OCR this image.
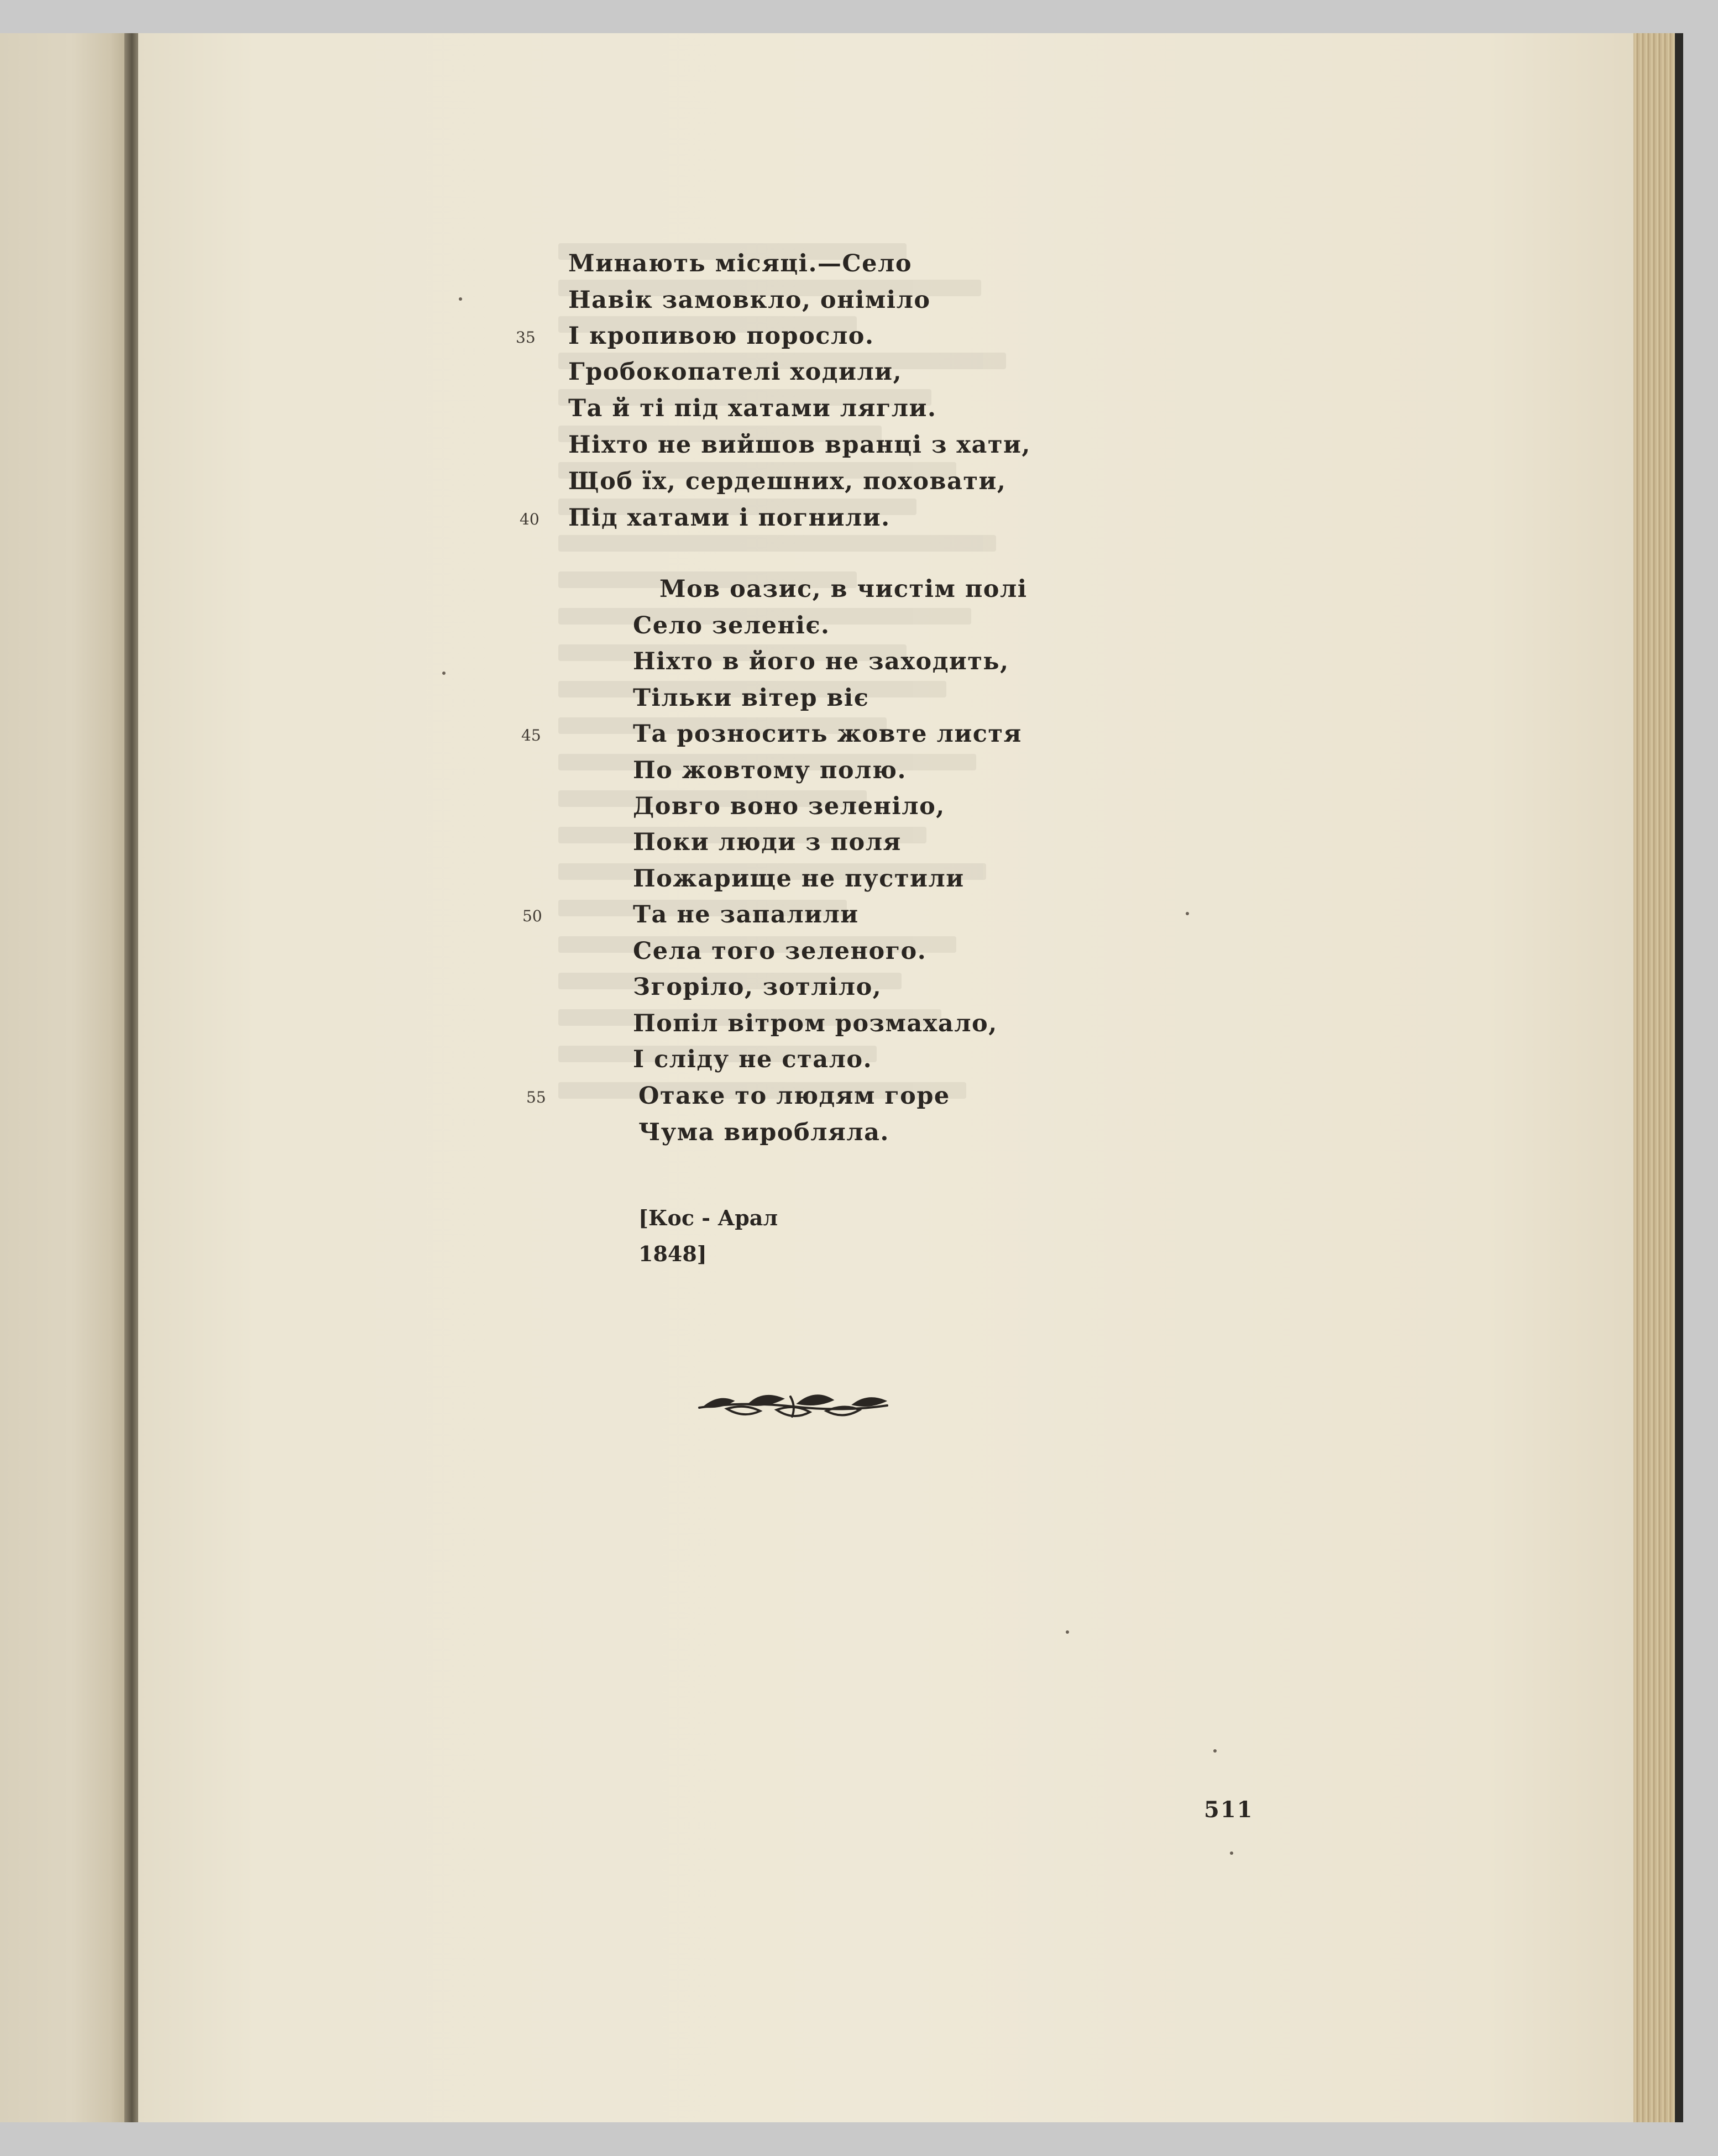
Минають місяці.—Село
Навік замовкло, оніміло
І кропивою поросло.
Гробокопателі ходили,
Та й ті під хатами лягли.
Ніхто не вийшов вранці з хати,
Щоб їх, сердешних, поховати,
Під хатами і погнили.
Мов оазис, в чистім полі
Село зеленіє.
Ніхто в його не заходить,
Тільки вітер віє
Та розносить жовте листя
По жовтому полю.
Довго воно зеленіло,
Поки люди з поля
Пожарище не пустили
Та не запалили
Села того зеленого.
Згоріло, зотліло,
Попіл вітром розмахало,
І сліду не стало.
Отаке то людям горе
Чума виробляла.
35
40
45
50
55
[Кос - Арал
1848]
511
